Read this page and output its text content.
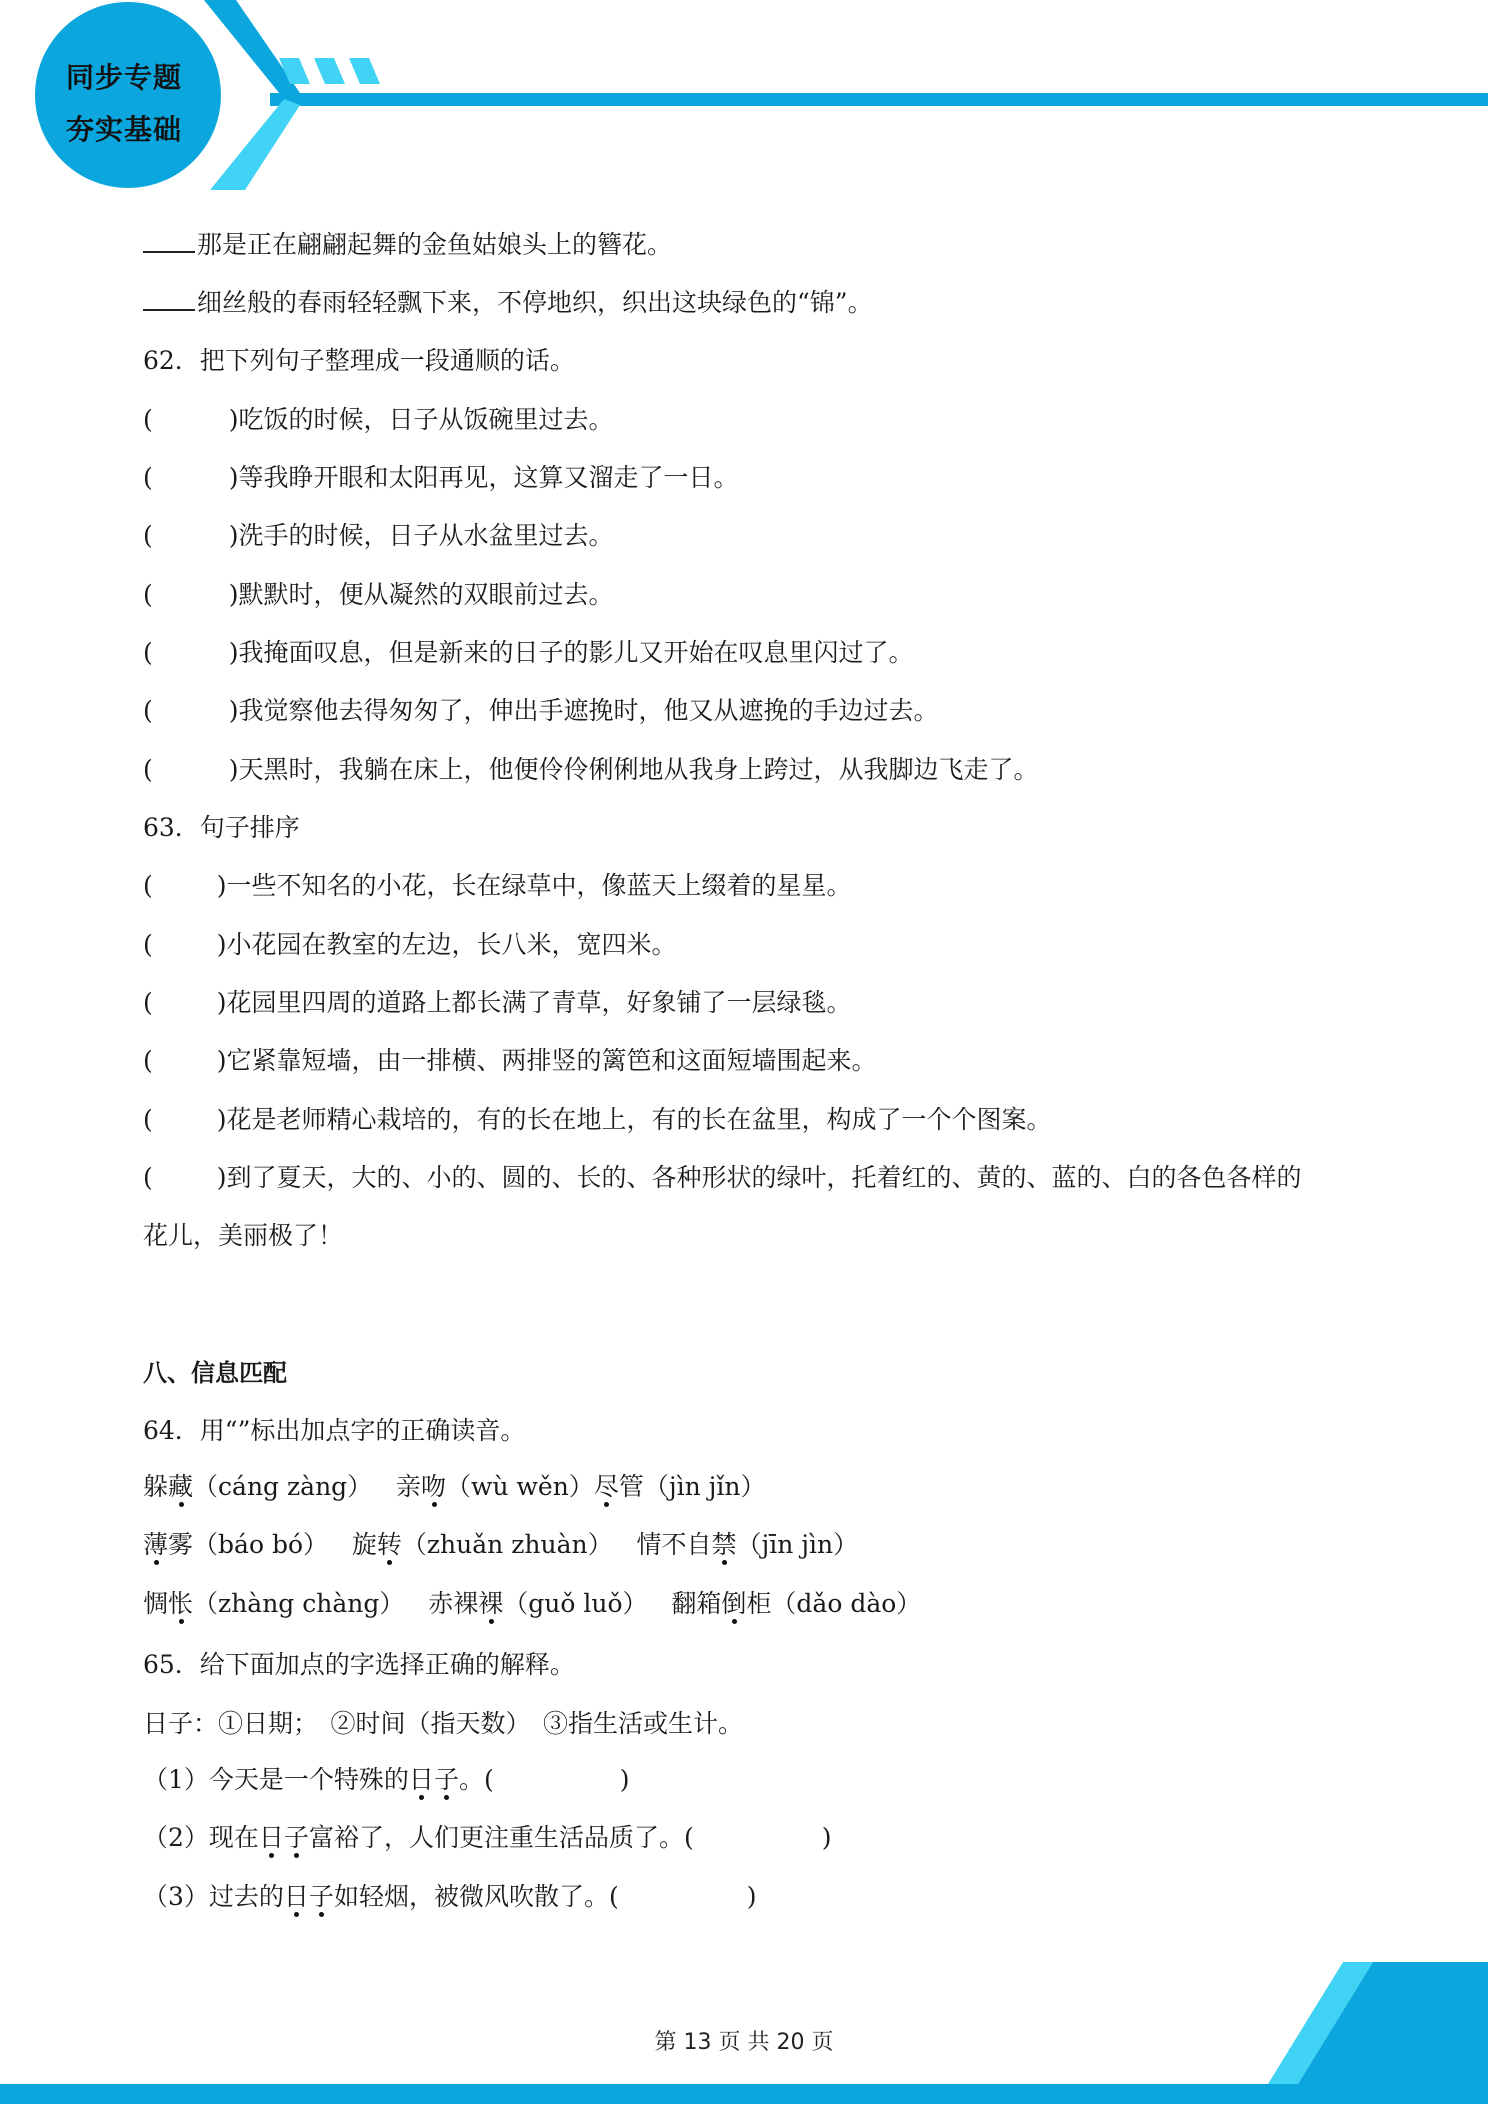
同步专题
夯实基础
那是正在翩翩起舞的金鱼姑娘头上的簪花。
细丝般的春雨轻轻飘下来，不停地织，织出这块绿色的“锦”。
62．把下列句子整理成一段通顺的话。
(	)吃饭的时候，日子从饭碗里过去。
(	)等我睁开眼和太阳再见，这算又溜走了一日。
(	)洗手的时候，日子从水盆里过去。
(	)默默时，便从凝然的双眼前过去。
(	)我掩面叹息，但是新来的日子的影儿又开始在叹息里闪过了。
(	)我觉察他去得匆匆了，伸出手遮挽时，他又从遮挽的手边过去。
(	)天黑时，我躺在床上，他便伶伶俐俐地从我身上跨过，从我脚边飞走了。
63．句子排序
(	)一些不知名的小花，长在绿草中，像蓝天上缀着的星星。
(	)小花园在教室的左边，长八米，宽四米。
(	)花园里四周的道路上都长满了青草，好象铺了一层绿毯。
(	)它紧靠短墙，由一排横、两排竖的篱笆和这面短墙围起来。
(	)花是老师精心栽培的，有的长在地上，有的长在盆里，构成了一个个图案。
(	)到了夏天，大的、小的、圆的、长的、各种形状的绿叶，托着红的、黄的、蓝的、白的各色各样的
花儿，美丽极了！
八、信息匹配
64．用“”标出加点字的正确读音。
躲藏（cáng zàng） 亲吻（wù wěn）尽管（jìn jǐn）
薄雾（báo bó） 旋转（zhuǎn zhuàn） 情不自禁（jīn jìn）
惆怅（zhàng chàng） 赤裸裸（guǒ luǒ） 翻箱倒柜（dǎo dào）
65．给下面加点的字选择正确的解释。
日子：①日期；　②时间（指天数）　③指生活或生计。
（1）今天是一个特殊的日子。(	)
（2）现在日子富裕了，人们更注重生活品质了。(	)
（3）过去的日子如轻烟，被微风吹散了。(	)
第 13 页 共 20 页
